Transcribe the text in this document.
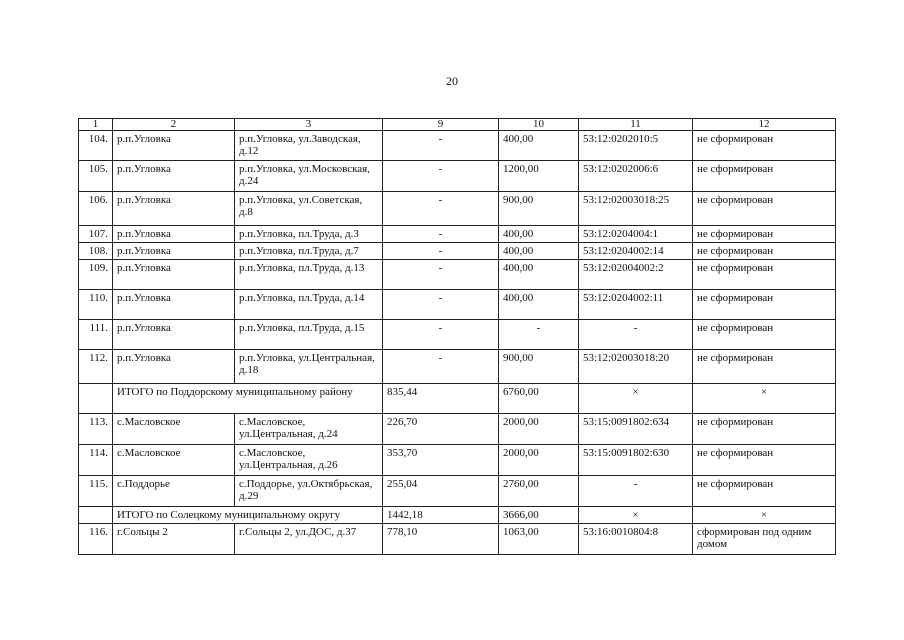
20
1	2	3	9	10	11	12
104.	р.п.Угловка	р.п.Угловка, ул.Заводская, д.12	-	400,00	53:12:0202010:5	не сформирован
105.	р.п.Угловка	р.п.Угловка, ул.Московская, д.24	-	1200,00	53:12:0202006:6	не сформирован
106.	р.п.Угловка	р.п.Угловка, ул.Советская, д.8	-	900,00	53:12:02003018:25	не сформирован
107.	р.п.Угловка	р.п.Угловка, пл.Труда, д.3	-	400,00	53:12:0204004:1	не сформирован
108.	р.п.Угловка	р.п.Угловка, пл.Труда, д.7	-	400,00	53:12:0204002:14	не сформирован
109.	р.п.Угловка	р.п.Угловка, пл.Труда, д.13	-	400,00	53:12:02004002:2	не сформирован
110.	р.п.Угловка	р.п.Угловка, пл.Труда, д.14	-	400,00	53:12:0204002:11	не сформирован
111.	р.п.Угловка	р.п.Угловка, пл.Труда, д.15	-	-	-	не сформирован
112.	р.п.Угловка	р.п.Угловка, ул.Центральная, д.18	-	900,00	53:12:02003018:20	не сформирован
	ИТОГО по Поддорскому муниципальному району		835,44	6760,00	×	×
113.	с.Масловское	с.Масловское, ул.Центральная, д.24	226,70	2000,00	53:15:0091802:634	не сформирован
114.	с.Масловское	с.Масловское, ул.Центральная, д.26	353,70	2000,00	53:15:0091802:630	не сформирован
115.	с.Поддорье	с.Поддорье, ул.Октябрьская, д.29	255,04	2760,00	-	не сформирован
	ИТОГО по Солецкому муниципальному округу		1442,18	3666,00	×	×
116.	г.Сольцы 2	г.Сольцы 2, ул.ДОС, д.37	778,10	1063,00	53:16:0010804:8	сформирован под одним домом
